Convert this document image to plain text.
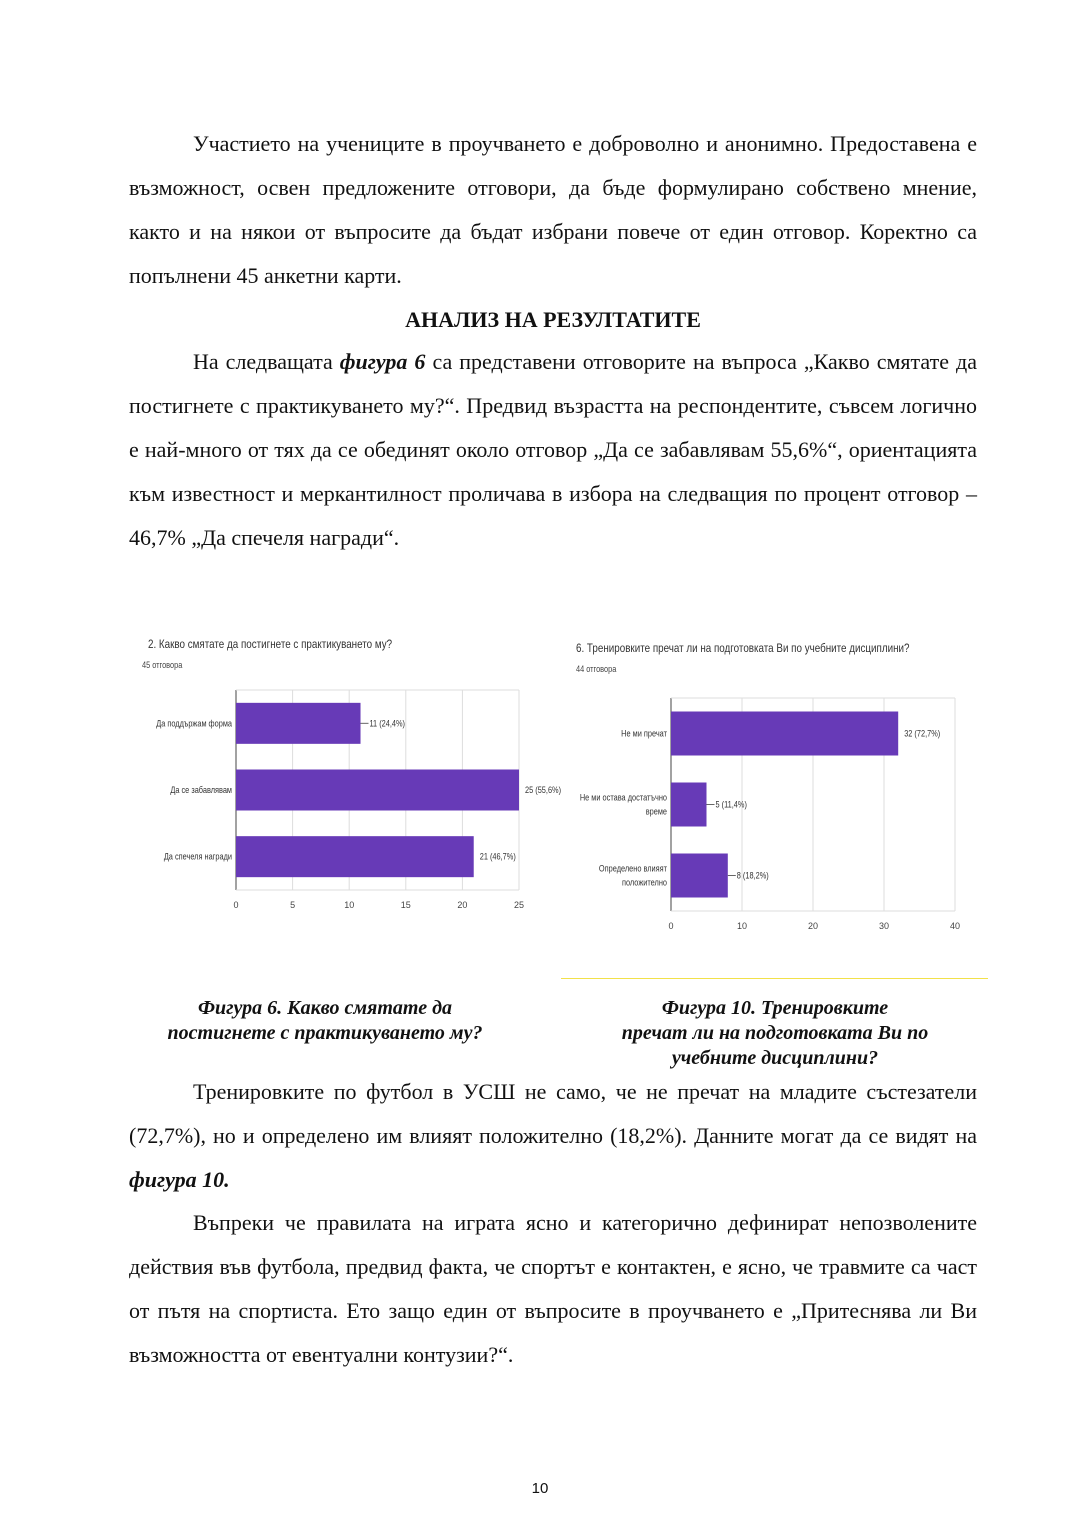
Участието на учениците в проучването е доброволно и анонимно. Предоставена е възможност, освен предложените отговори, да бъде формулирано собствено мнение, както и на някои от въпросите да бъдат избрани повече от един отговор. Коректно са попълнени 45 анкетни карти.

АНАЛИЗ НА РЕЗУЛТАТИТЕ

На следващата фигура 6 са представени отговорите на въпроса „Какво смятате да постигнете с практикуването му?“. Предвид възрастта на респондентите, съвсем логично е най-много от тях да се обединят около отговор „Да се забавлявам 55,6%“, ориентацията към известност и меркантилност проличава в избора на следващия по процент отговор – 46,7% „Да спечеля награди“.

2. Какво смятате да постигнете с практикуването му?
45 отговора
0	5	10	15	20	25
Да поддържам форма	11 (24,4%)
Да се забавлявам	25 (55,6%)
Да спечеля награди	21 (46,7%)
6. Тренировките пречат ли на подготовката Ви по учебните дисциплини?
44 отговора
0	10	20	30	40
Не ми пречат	32 (72,7%)
Не ми остава достатъчно
време
5 (11,4%)
Определено влияят
положително
8 (18,2%)
Фигура 6. Какво смятате да
постигнете с практикуването му?
Фигура 10. Тренировките
пречат ли на подготовката Ви по
учебните дисциплини?

Тренировките по футбол в УСШ не само, че не пречат на младите състезатели (72,7%), но и определено им влияят положително (18,2%). Данните могат да се видят на фигура 10.

Въпреки че правилата на играта ясно и категорично дефинират непозволените действия във футбола, предвид факта, че спортът е контактен, е ясно, че травмите са част от пътя на спортиста. Ето защо един от въпросите в проучването е „Притеснява ли Ви възможността от евентуални контузии?“.

10
